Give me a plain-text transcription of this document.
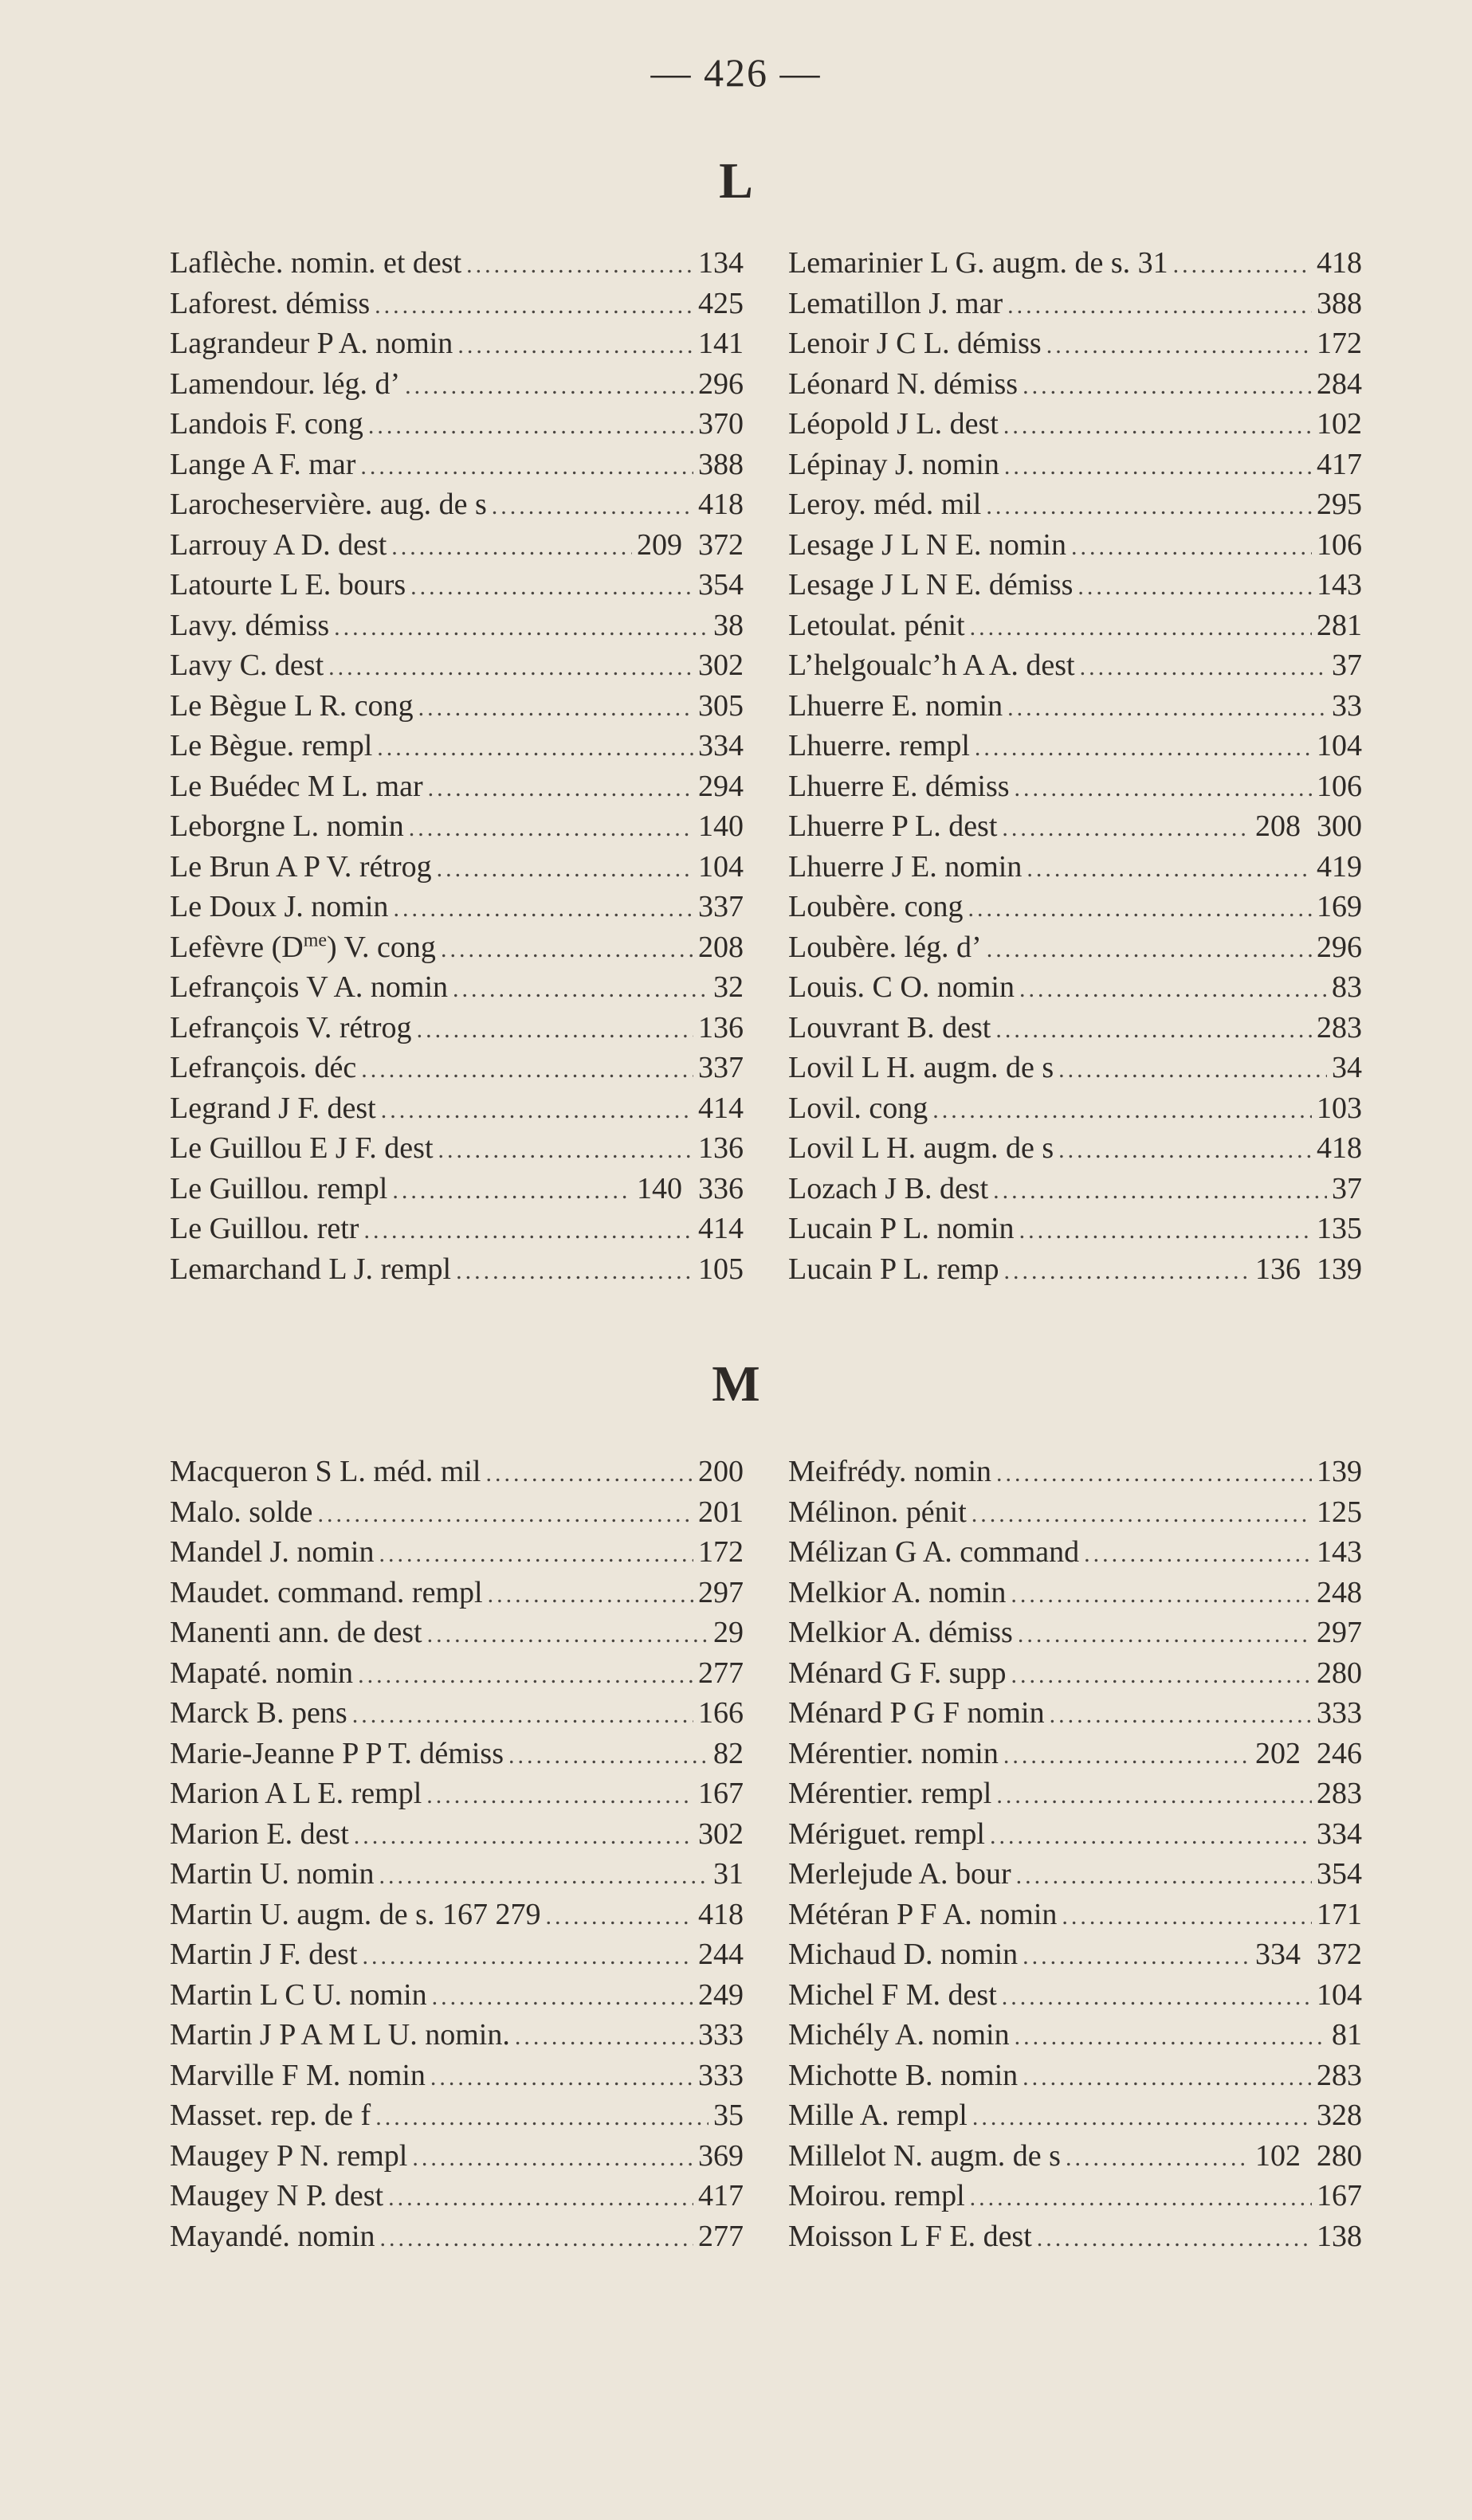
— 426 —
L
Laflèche. nomin. et dest .....	134
Laforest. démiss .....	425
Lagrandeur P A. nomin .....	141
Lamendour. lég. d’ .....	296
Landois F. cong .....	370
Lange A F. mar .....	388
Larocheservière. aug. de s .....	418
Larrouy A D. dest .....	209 372
Latourte L E. bours .....	354
Lavy. démiss .....	38
Lavy C. dest .....	302
Le Bègue L R. cong .....	305
Le Bègue. rempl .....	334
Le Buédec M L. mar .....	294
Leborgne L. nomin .....	140
Le Brun A P V. rétrog .....	104
Le Doux J. nomin .....	337
Lefèvre $(D^{me})$ V. cong .....	208
Lefrançois V A. nomin .....	32
Lefrançois V. rétrog .....	136
Lefrançois. déc .....	337
Legrand J F. dest .....	414
Le Guillou E J F. dest .....	136
Le Guillou. rempl .....	140 336
Le Guillou. retr .....	414
Lemarchand L J. rempl .....	105
Lemarinier L G. augm. de s. 31 .....	418
Lematillon J. mar .....	388
Lenoir J C L. démiss .....	172
Léonard N. démiss .....	284
Léopold J L. dest .....	102
Lépinay J. nomin .....	417
Leroy. méd. mil .....	295
Lesage J L N E. nomin .....	106
Lesage J L N E. démiss .....	143
Letoulat. pénit .....	281
L’helgoualc’h A A. dest .....	37
Lhuerre E. nomin .....	33
Lhuerre. rempl .....	104
Lhuerre E. démiss .....	106
Lhuerre P L. dest .....	208 300
Lhuerre J E. nomin .....	419
Loubère. cong .....	169
Loubère. lég. d’ .....	296
Louis. C O. nomin .....	83
Louvrant B. dest .....	283
Lovil L H. augm. de s .....	34
Lovil. cong .....	103
Lovil L H. augm. de s .....	418
Lozach J B. dest .....	37
Lucain P L. nomin .....	135
Lucain P L. remp .....	136 139
M
Macqueron S L. méd. mil .....	200
Malo. solde .....	201
Mandel J. nomin .....	172
Maudet. command. rempl .....	297
Manenti ann. de dest .....	29
Mapaté. nomin .....	277
Marck B. pens .....	166
Marie-Jeanne P P T. démiss .....	82
Marion A L E. rempl .....	167
Marion E. dest .....	302
Martin U. nomin .....	31
Martin U. augm. de s. 167 279 .....	418
Martin J F. dest .....	244
Martin L C U. nomin .....	249
Martin J P A M L U. nomin. .....	333
Marville F M. nomin .....	333
Masset. rep. de f .....	35
Maugey P N. rempl .....	369
Maugey N P. dest .....	417
Mayandé. nomin .....	277
Meifrédy. nomin .....	139
Mélinon. pénit .....	125
Mélizan G A. command .....	143
Melkior A. nomin .....	248
Melkior A. démiss .....	297
Ménard G F. supp .....	280
Ménard P G F nomin .....	333
Mérentier. nomin .....	202 246
Mérentier. rempl .....	283
Mériguet. rempl .....	334
Merlejude A. bour .....	354
Météran P F A. nomin .....	171
Michaud D. nomin .....	334 372
Michel F M. dest .....	104
Michély A. nomin .....	81
Michotte B. nomin .....	283
Mille A. rempl .....	328
Millelot N. augm. de s .....	102 280
Moirou. rempl .....	167
Moisson L F E. dest .....	138
